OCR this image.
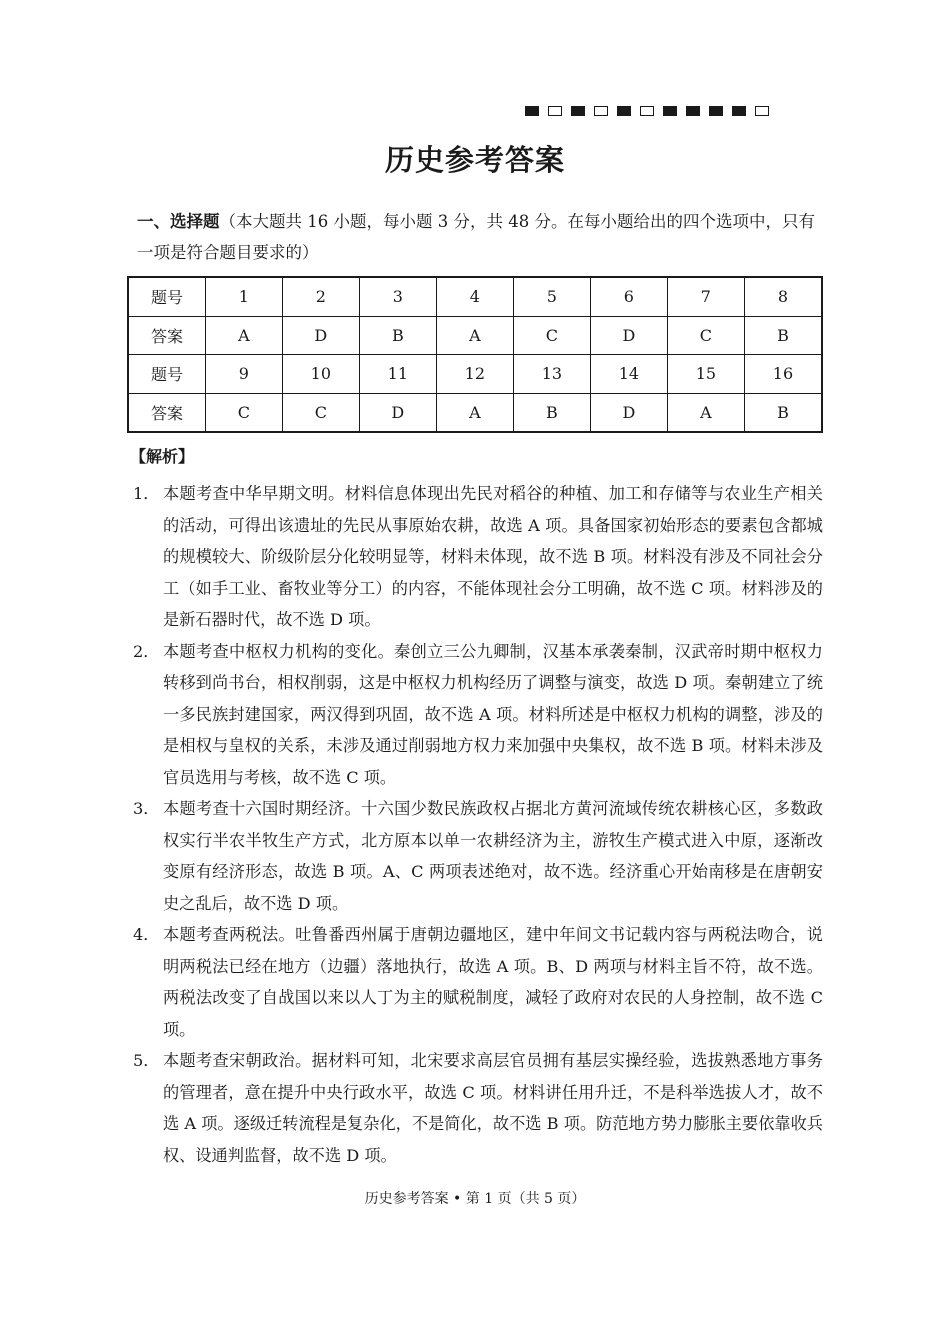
历史参考答案
一、选择题（本大题共 16 小题，每小题 3 分，共 48 分。在每小题给出的四个选项中，只有一项是符合题目要求的）
题号	1	2	3	4	5	6	7	8
答案	A	D	B	A	C	D	C	B
题号	9	10	11	12	13	14	15	16
答案	C	C	D	A	B	D	A	B
【解析】
1． 本题考查中华早期文明。材料信息体现出先民对稻谷的种植、加工和存储等与农业生产相关的活动，可得出该遗址的先民从事原始农耕，故选 A 项。具备国家初始形态的要素包含都城的规模较大、阶级阶层分化较明显等，材料未体现，故不选 B 项。材料没有涉及不同社会分工（如手工业、畜牧业等分工）的内容，不能体现社会分工明确，故不选 C 项。材料涉及的是新石器时代，故不选 D 项。
2． 本题考查中枢权力机构的变化。秦创立三公九卿制，汉基本承袭秦制，汉武帝时期中枢权力转移到尚书台，相权削弱，这是中枢权力机构经历了调整与演变，故选 D 项。秦朝建立了统一多民族封建国家，两汉得到巩固，故不选 A 项。材料所述是中枢权力机构的调整，涉及的是相权与皇权的关系，未涉及通过削弱地方权力来加强中央集权，故不选 B 项。材料未涉及官员选用与考核，故不选 C 项。
3． 本题考查十六国时期经济。十六国少数民族政权占据北方黄河流域传统农耕核心区，多数政权实行半农半牧生产方式，北方原本以单一农耕经济为主，游牧生产模式进入中原，逐渐改变原有经济形态，故选 B 项。A、C 两项表述绝对，故不选。经济重心开始南移是在唐朝安史之乱后，故不选 D 项。
4． 本题考查两税法。吐鲁番西州属于唐朝边疆地区，建中年间文书记载内容与两税法吻合，说明两税法已经在地方（边疆）落地执行，故选 A 项。B、D 两项与材料主旨不符，故不选。两税法改变了自战国以来以人丁为主的赋税制度，减轻了政府对农民的人身控制，故不选 C 项。
5． 本题考查宋朝政治。据材料可知，北宋要求高层官员拥有基层实操经验，选拔熟悉地方事务的管理者，意在提升中央行政水平，故选 C 项。材料讲任用升迁，不是科举选拔人才，故不选 A 项。逐级迁转流程是复杂化，不是简化，故不选 B 项。防范地方势力膨胀主要依靠收兵权、设通判监督，故不选 D 项。
历史参考答案 • 第 1 页（共 5 页）
